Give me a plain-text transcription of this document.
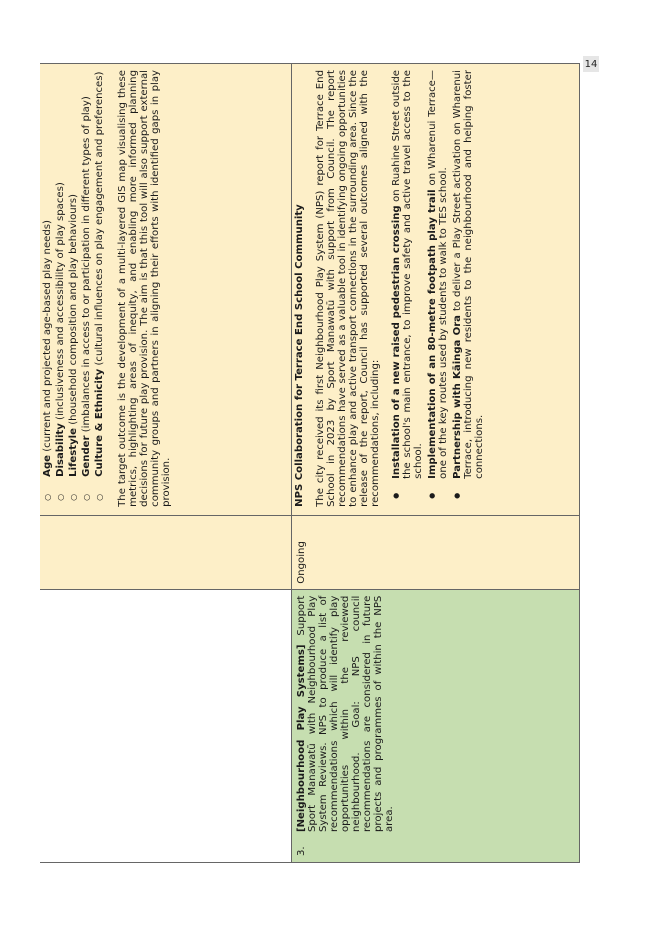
14
○ Age (current and projected age-based play needs) ○ Disability (inclusiveness and accessibility of play spaces)
○ Lifestyle (household composition and play behaviours)
○ Gender (imbalances in access to or participation in different types of play) ○ Culture & Ethnicity (cultural influences on play engagement and preferences) The target outcome is the development of a multi-layered GIS map visualising these metrics, highlighting areas of inequity, and enabling more informed planning decisions for future play provision. The aim is that this tool will also support external community groups and partners in aligning their efforts with identified gaps in play provision.

3.

[Neighbourhood Play Systems] Support Sport Manawatū with Neighbourhood Play System Reviews. NPS to produce a list of recommendations which will identify play opportunities within the reviewed neighbourhood. Goal: NPS council recommendations are considered in future projects and programmes of within the NPS area.

Ongoing

NPS Collaboration for Terrace End School Community The city received its first Neighbourhood Play System (NPS) report for Terrace End School in 2023 by Sport Manawatū with support from Council. The report recommendations have served as a valuable tool in identifying ongoing opportunities to enhance play and active transport connections in the surrounding area. Since the release of the report, Council has supported several outcomes aligned with the recommendations, including: ● Installation of a new raised pedestrian crossing on Ruahine Street outside the school's main entrance, to improve safety and active travel access to the school. ● Implementation of an 80-metre footpath play trail on Wharenui Terrace—one of the key routes used by students to walk to TES school. ● Partnership with Kāinga Ora to deliver a Play Street activation on Wharenui Terrace, introducing new residents to the neighbourhood and helping foster connections.
